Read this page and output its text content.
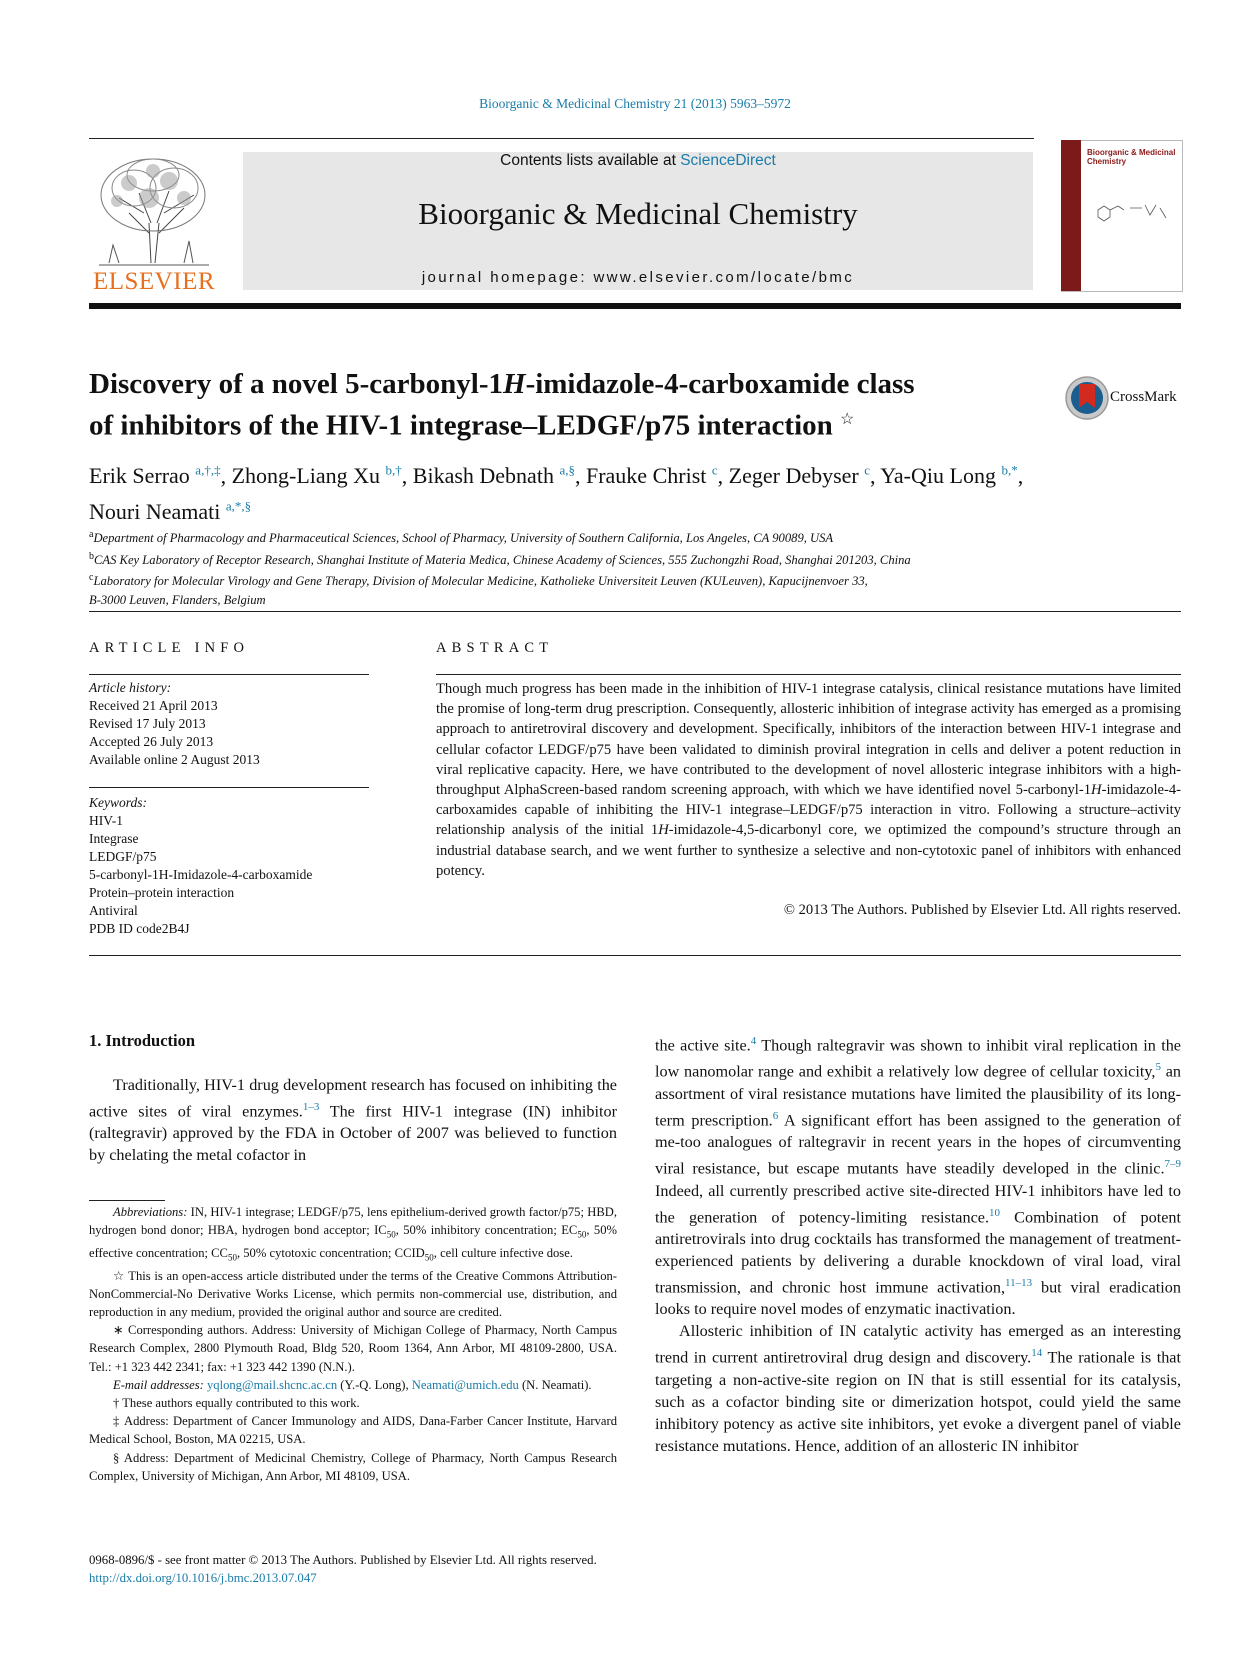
Bioorganic & Medicinal Chemistry 21 (2013) 5963–5972
ELSEVIER
Contents lists available at ScienceDirect
Bioorganic & Medicinal Chemistry
journal homepage: www.elsevier.com/locate/bmc
Bioorganic & Medicinal Chemistry
Discovery of a novel 5-carbonyl-1H-imidazole-4-carboxamide class
of inhibitors of the HIV-1 integrase–LEDGF/p75 interaction ☆
CrossMark
Erik Serrao $^{a,\dagger,\ddagger}$, Zhong-Liang Xu $^{b,\dagger}$, Bikash Debnath $^{a,\S}$, Frauke Christ $^c$, Zeger Debyser $^c$, Ya-Qiu Long $^{b,*}$,
Nouri Neamati $^{a,*,\S}$
$^a$Department of Pharmacology and Pharmaceutical Sciences, School of Pharmacy, University of Southern California, Los Angeles, CA 90089, USA
$^b$CAS Key Laboratory of Receptor Research, Shanghai Institute of Materia Medica, Chinese Academy of Sciences, 555 Zuchongzhi Road, Shanghai 201203, China
$^c$Laboratory for Molecular Virology and Gene Therapy, Division of Molecular Medicine, Katholieke Universiteit Leuven (KULeuven), Kapucijnenvoer 33,
B-3000 Leuven, Flanders, Belgium
ARTICLE INFO
Article history:
Received 21 April 2013
Revised 17 July 2013
Accepted 26 July 2013
Available online 2 August 2013
Keywords:
HIV-1
Integrase
LEDGF/p75
5-carbonyl-1H-Imidazole-4-carboxamide
Protein–protein interaction
Antiviral
PDB ID code2B4J
ABSTRACT
Though much progress has been made in the inhibition of HIV-1 integrase catalysis, clinical resistance mutations have limited the promise of long-term drug prescription. Consequently, allosteric inhibition of integrase activity has emerged as a promising approach to antiretroviral discovery and development. Specifically, inhibitors of the interaction between HIV-1 integrase and cellular cofactor LEDGF/p75 have been validated to diminish proviral integration in cells and deliver a potent reduction in viral replicative capacity. Here, we have contributed to the development of novel allosteric integrase inhibitors with a high-throughput AlphaScreen-based random screening approach, with which we have identified novel 5-carbonyl-1H-imidazole-4-carboxamides capable of inhibiting the HIV-1 integrase–LEDGF/p75 interaction in vitro. Following a structure–activity relationship analysis of the initial 1H-imidazole-4,5-dicarbonyl core, we optimized the compound’s structure through an industrial database search, and we went further to synthesize a selective and non-cytotoxic panel of inhibitors with enhanced potency.
© 2013 The Authors. Published by Elsevier Ltd. All rights reserved.
1. Introduction

Traditionally, HIV-1 drug development research has focused on inhibiting the active sites of viral enzymes.$^{1-3}$ The first HIV-1 integrase (IN) inhibitor (raltegravir) approved by the FDA in October of 2007 was believed to function by chelating the metal cofactor in

Abbreviations: IN, HIV-1 integrase; LEDGF/p75, lens epithelium-derived growth factor/p75; HBD, hydrogen bond donor; HBA, hydrogen bond acceptor; $IC_{50}$, 50% inhibitory concentration; $EC_{50}$, 50% effective concentration; $CC_{50}$, 50% cytotoxic concentration; $CCID_{50}$, cell culture infective dose.

☆ This is an open-access article distributed under the terms of the Creative Commons Attribution-NonCommercial-No Derivative Works License, which permits non-commercial use, distribution, and reproduction in any medium, provided the original author and source are credited.

∗ Corresponding authors. Address: University of Michigan College of Pharmacy, North Campus Research Complex, 2800 Plymouth Road, Bldg 520, Room 1364, Ann Arbor, MI 48109-2800, USA. Tel.: +1 323 442 2341; fax: +1 323 442 1390 (N.N.).

E-mail addresses: yqlong@mail.shcnc.ac.cn (Y.-Q. Long), Neamati@umich.edu (N. Neamati).

† These authors equally contributed to this work.

‡ Address: Department of Cancer Immunology and AIDS, Dana-Farber Cancer Institute, Harvard Medical School, Boston, MA 02215, USA.

§ Address: Department of Medicinal Chemistry, College of Pharmacy, North Campus Research Complex, University of Michigan, Ann Arbor, MI 48109, USA.

the active site.$^4$ Though raltegravir was shown to inhibit viral replication in the low nanomolar range and exhibit a relatively low degree of cellular toxicity,$^5$ an assortment of viral resistance mutations have limited the plausibility of its long-term prescription.$^6$ A significant effort has been assigned to the generation of me-too analogues of raltegravir in recent years in the hopes of circumventing viral resistance, but escape mutants have steadily developed in the clinic.$^{7-9}$ Indeed, all currently prescribed active site-directed HIV-1 inhibitors have led to the generation of potency-limiting resistance.$^{10}$ Combination of potent antiretrovirals into drug cocktails has transformed the management of treatment-experienced patients by delivering a durable knockdown of viral load, viral transmission, and chronic host immune activation,$^{11-13}$ but viral eradication looks to require novel modes of enzymatic inactivation.

Allosteric inhibition of IN catalytic activity has emerged as an interesting trend in current antiretroviral drug design and discovery.$^{14}$ The rationale is that targeting a non-active-site region on IN that is still essential for its catalysis, such as a cofactor binding site or dimerization hotspot, could yield the same inhibitory potency as active site inhibitors, yet evoke a divergent panel of viable resistance mutations. Hence, addition of an allosteric IN inhibitor

0968-0896/$ - see front matter © 2013 The Authors. Published by Elsevier Ltd. All rights reserved.
http://dx.doi.org/10.1016/j.bmc.2013.07.047
